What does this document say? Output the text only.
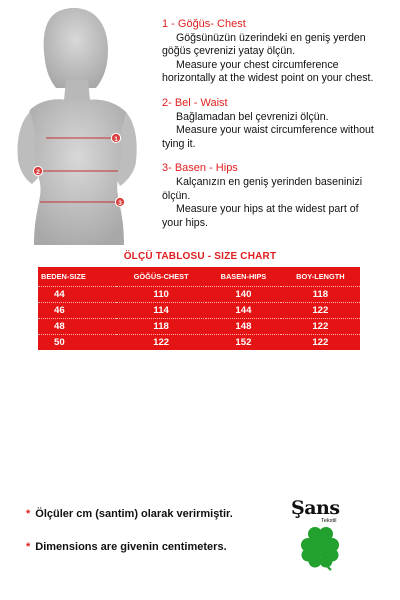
1
2
3
1 - Göğüs- Chest
Göğsünüzün üzerindeki en geniş yerden
göğüs çevrenizi yatay ölçün.
Measure your chest circumference
horizontally at the widest point on your chest.
2- Bel - Waist
Bağlamadan bel çevrenizi ölçün.
Measure your waist circumference without
tying it.
3- Basen - Hips
Kalçanızın en geniş yerinden baseninizi
ölçün.
Measure your hips at the widest part of
your hips.
ÖLÇÜ TABLOSU - SIZE CHART
BEDEN-SIZE	GÖĞÜS-CHEST	BASEN-HIPS	BOY-LENGTH
44	110	140	118
46	114	144	122
48	118	148	122
50	122	152	122
* Ölçüler cm (santim) olarak verirmiştir.
* Dimensions are givenin centimeters.
Şans
Tekstil
